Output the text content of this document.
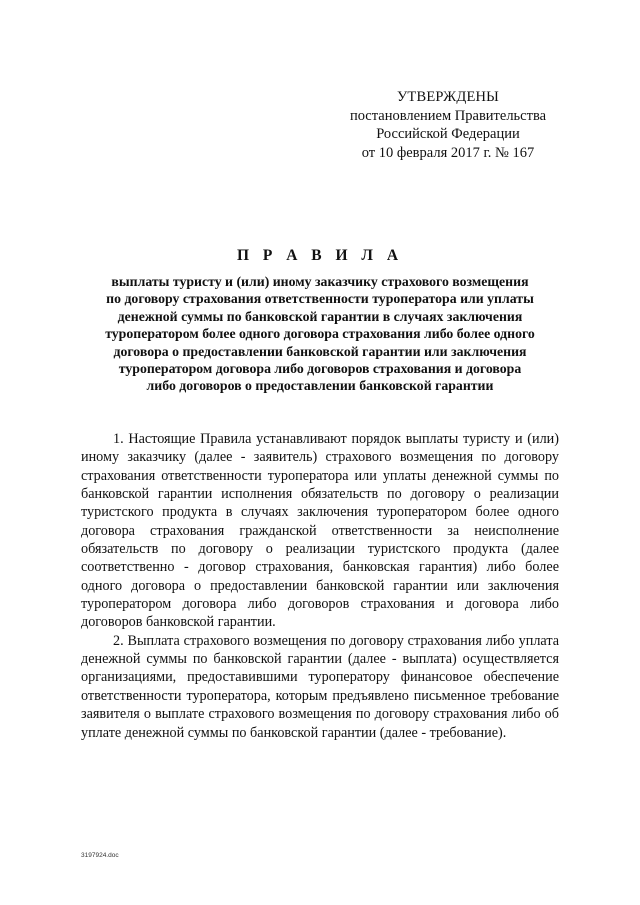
УТВЕРЖДЕНЫ
постановлением Правительства
Российской Федерации
от 10 февраля 2017 г. № 167
П Р А В И Л А
выплаты туристу и (или) иному заказчику страхового возмещения
по договору страхования ответственности туроператора или уплаты
денежной суммы по банковской гарантии в случаях заключения
туроператором более одного договора страхования либо более одного
договора о предоставлении банковской гарантии или заключения
туроператором договора либо договоров страхования и договора
либо договоров о предоставлении банковской гарантии

1. Настоящие Правила устанавливают порядок выплаты туристу и (или) иному заказчику (далее - заявитель) страхового возмещения по договору страхования ответственности туроператора или уплаты денежной суммы по банковской гарантии исполнения обязательств по договору о реализации туристского продукта в случаях заключения туроператором более одного договора страхования гражданской ответственности за неисполнение обязательств по договору о реализации туристского продукта (далее соответственно - договор страхования, банковская гарантия) либо более одного договора о предоставлении банковской гарантии или заключения туроператором договора либо договоров страхования и договора либо договоров банковской гарантии.

2. Выплата страхового возмещения по договору страхования либо уплата денежной суммы по банковской гарантии (далее - выплата) осуществляется организациями, предоставившими туроператору финансовое обеспечение ответственности туроператора, которым предъявлено письменное требование заявителя о выплате страхового возмещения по договору страхования либо об уплате денежной суммы по банковской гарантии (далее - требование).

3197924.doc
